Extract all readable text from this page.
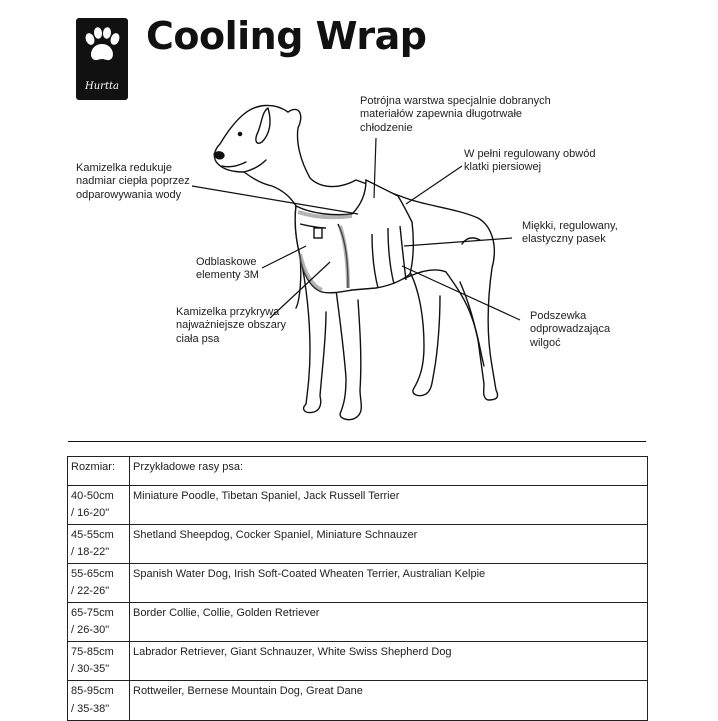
Hurtta
Cooling Wrap
Kamizelka redukuje nadmiar ciepła poprzez odparowywania wody
Potrójna warstwa specjalnie dobranych materiałów zapewnia długotrwałe chłodzenie
W pełni regulowany obwód klatki piersiowej
Odblaskowe elementy 3M
Miękki, regulowany, elastyczny pasek
Kamizelka przykrywa najważniejsze obszary ciała psa
Podszewka odprowadzająca wilgoć
Rozmiar:	Przykładowe rasy psa:
40-50cm
/ 16-20"	Miniature Poodle, Tibetan Spaniel, Jack Russell Terrier
45-55cm
/ 18-22"	Shetland Sheepdog, Cocker Spaniel, Miniature Schnauzer
55-65cm
/ 22-26"	Spanish Water Dog, Irish Soft-Coated Wheaten Terrier, Australian Kelpie
65-75cm
/ 26-30"	Border Collie, Collie, Golden Retriever
75-85cm
/ 30-35"	Labrador Retriever, Giant Schnauzer, White Swiss Shepherd Dog
85-95cm
/ 35-38"	Rottweiler, Bernese Mountain Dog, Great Dane
